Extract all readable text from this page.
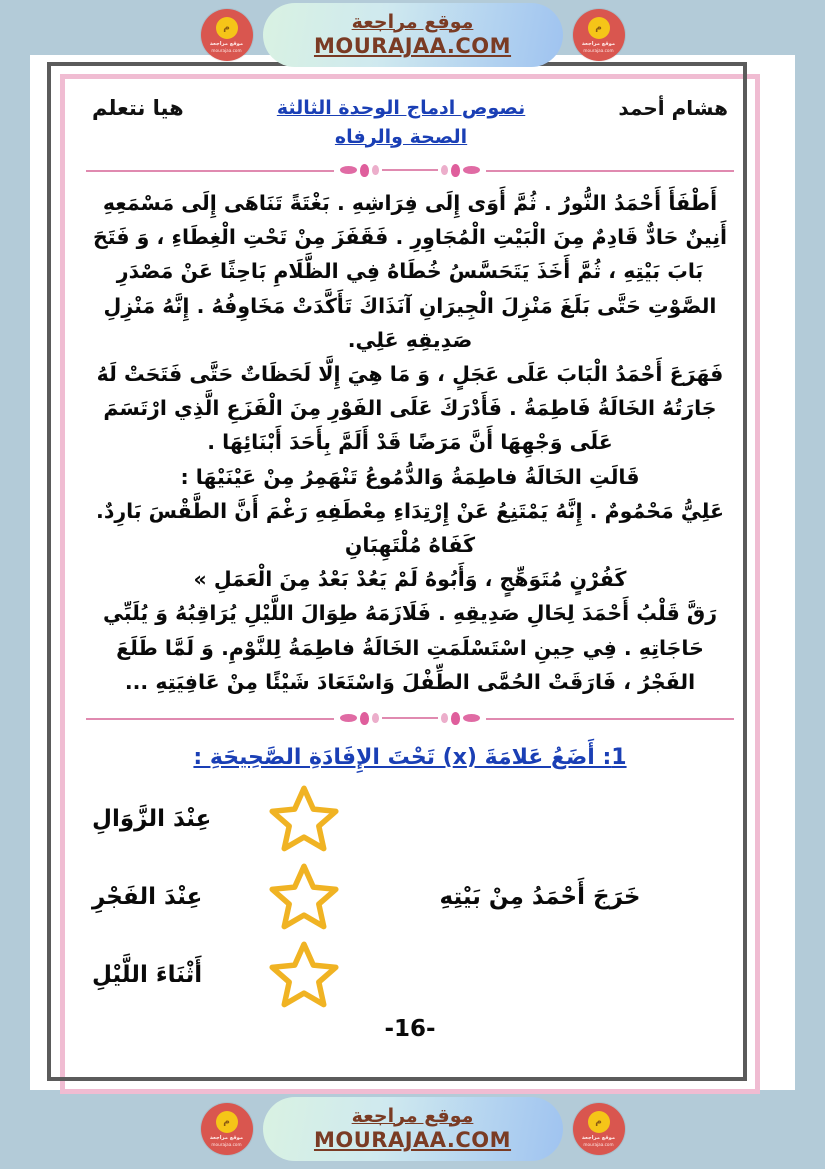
م
موقع مراجعة
mourajaa.com
موقع مراجعة
MOURAJAA.COM
م
موقع مراجعة
mourajaa.com
هشام أحمد
نصوص ادماج الوحدة الثالثة
الصحة والرفاه
هيا نتعلم

أَطْفَأَ أَحْمَدُ النُّورُ . ثُمَّ أَوَى إِلَى فِرَاشِهِ . بَغْتَةً تَنَاهَى إِلَى مَسْمَعِهِ

أَنِينٌ حَادٌّ قَادِمٌ مِنَ الْبَيْتِ الْمُجَاوِرِ . فَقَفَزَ مِنْ تَحْتِ الْغِطَاءِ ، وَ فَتَحَ

بَابَ بَيْتِهِ ، ثُمَّ أَخَذَ يَتَحَسَّسُ خُطَاهُ فِي الظَّلَامِ بَاحِثًا عَنْ مَصْدَرِ

الصَّوْتِ حَتَّى بَلَغَ مَنْزِلَ الْجِيرَانِ آنَذَاكَ تَأَكَّدَتْ مَخَاوِفُهُ . إِنَّهُ مَنْزِلِ

صَدِيقِهِ عَلِي.

فَهَرَعَ أَحْمَدُ الْبَابَ عَلَى عَجَلٍ ، وَ مَا هِيَ إِلَّا لَحَظَاتٌ حَتَّى فَتَحَتْ لَهُ

جَارَتُهُ الخَالَةُ فَاطِمَةُ . فَأَدْرَكَ عَلَى الفَوْرِ مِنَ الْفَزَعِ الَّذِي ارْتَسَمَ

عَلَى وَجْهِهَا أَنَّ مَرَضًا قَدْ أَلَمَّ بِأَحَدَ أَبْنَائِهَا .

قَالَتِ الخَالَةُ فاطِمَةُ وَالدُّمُوعُ تَنْهَمِرُ مِنْ عَيْنَيْهَا :

عَلِيُّ مَحْمُومٌ . إِنَّهُ يَمْتَنِعُ عَنْ إِرْتِدَاءِ مِعْطَفِهِ رَغْمَ أَنَّ الطَّقْسَ بَارِدٌ.

كَفَاهُ مُلْتَهِبَانِ

كَفُرْنٍ مُتَوَهِّجٍ ، وَأَبُوهُ لَمْ يَعُدْ بَعْدُ مِنَ الْعَمَلِ »

رَقَّ قَلْبُ أَحْمَدَ لِحَالِ صَدِيقِهِ . فَلَازَمَهُ طِوَالَ اللَّيْلِ يُرَاقِبُهُ وَ يُلَبِّي

حَاجَاتِهِ . فِي حِينِ اسْتَسْلَمَتِ الخَالَةُ فاطِمَةُ لِلنَّوْمِ. وَ لَمَّا طَلَعَ

الفَجْرُ ، فَارَقَتْ الحُمَّى الطِّفْلَ وَاسْتَعَادَ شَيْئًا مِنْ عَافِيَتِهِ ...

1: أَضَعُ عَلامَةَ (x) تَحْتَ الإِفَادَةِ الصَّحِيحَةِ :
عِنْدَ الزَّوَالِ
خَرَجَ أَحْمَدُ مِنْ بَيْتِهِ
عِنْدَ الفَجْرِ
أَثْنَاءَ اللَّيْلِ
-16-
م
موقع مراجعة
mourajaa.com
موقع مراجعة
MOURAJAA.COM
م
موقع مراجعة
mourajaa.com
